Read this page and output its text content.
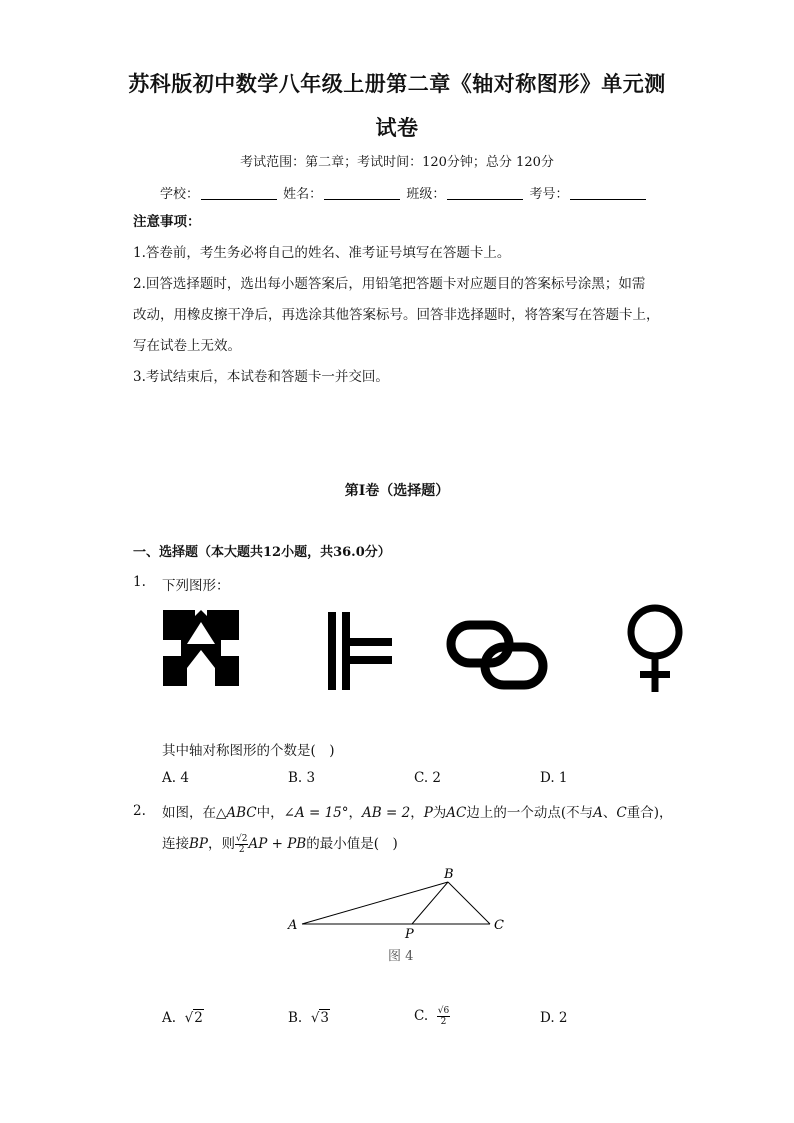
苏科版初中数学八年级上册第二章《轴对称图形》单元测
试卷
考试范围：第二章；考试时间：120分钟；总分 120分
学校：	姓名：	班级：	考号：
注意事项：
1.答卷前，考生务必将自己的姓名、准考证号填写在答题卡上。
2.回答选择题时，选出每小题答案后，用铅笔把答题卡对应题目的答案标号涂黑；如需
改动，用橡皮擦干净后，再选涂其他答案标号。回答非选择题时，将答案写在答题卡上，
写在试卷上无效。
3.考试结束后，本试卷和答题卡一并交回。
第I卷（选择题）
一、选择题（本大题共12小题，共36.0分）
1. 下列图形：
其中轴对称图形的个数是(　)
A. 4	B. 3	C. 2	D. 1
2. 如图，在△ABC中，∠A = 15°，AB = 2，P为AC边上的一个动点(不与A、C重合)，
连接BP，则 $\frac{√2}{2}$ AP + PB的最小值是(　)
A
B
C
P
图 4
A. √2	B. √3	C. $\frac{√6}{2}$	D. 2
